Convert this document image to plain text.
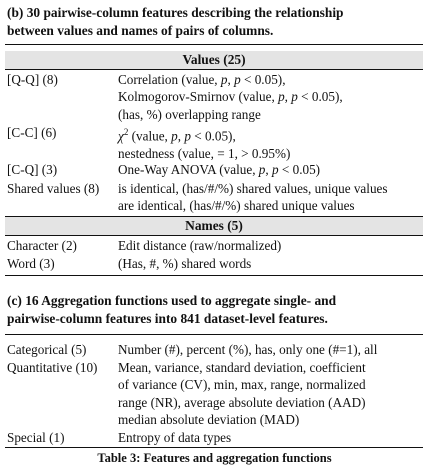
(b) 30 pairwise-column features describing the relationship
between values and names of pairs of columns.
Values (25)
[Q-Q] (8)	Correlation (value, p, p < 0.05),
Kolmogorov-Smirnov (value, p, p < 0.05),
(has, %) overlapping range
[C-C] (6)	$\chi^2$ (value, p, p < 0.05),
nestedness (value, = 1, > 0.95%)
[C-Q] (3)	One-Way ANOVA (value, p, p < 0.05)
Shared values (8) is identical, (has/#/%) shared values, unique values
are identical, (has/#/%) shared unique values
Names (5)
Character (2)	Edit distance (raw/normalized)
Word (3)	(Has, #, %) shared words
(c) 16 Aggregation functions used to aggregate single- and
pairwise-column features into 841 dataset-level features.
Categorical (5) Number (#), percent (%), has, only one (#=1), all
Quantitative (10) Mean, variance, standard deviation, coefficient
of variance (CV), min, max, range, normalized
range (NR), average absolute deviation (AAD)
median absolute deviation (MAD)
Special (1)	Entropy of data types
Table 3: Features and aggregation functions
